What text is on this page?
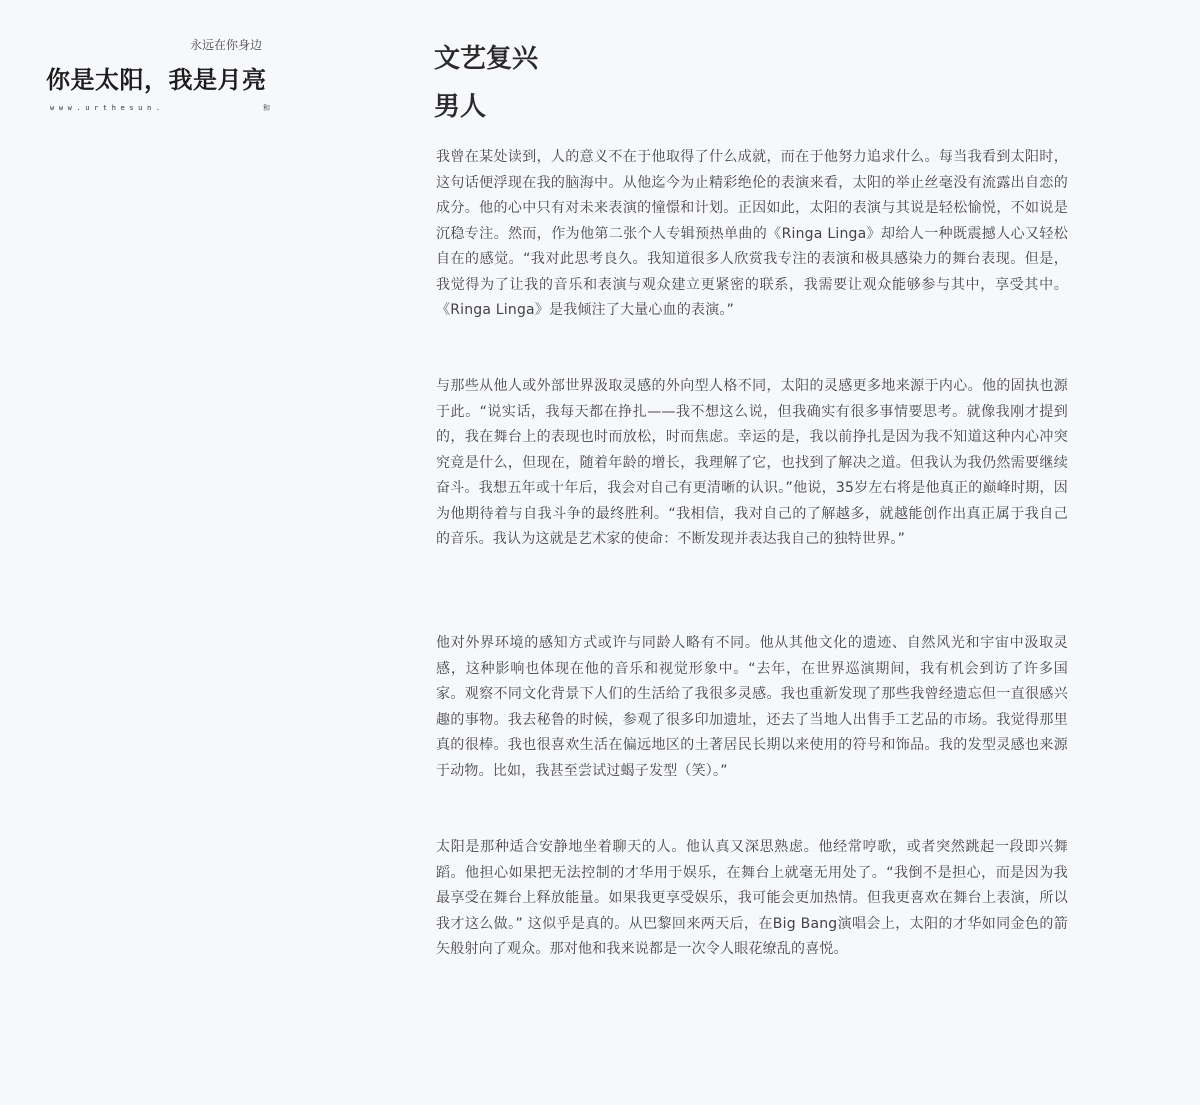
永远在你身边
你是太阳，我是月亮
www.urthesun.	和
文艺复兴
男人

我曾在某处读到，人的意义不在于他取得了什么成就，而在于他努力追求什么。每当我看到太阳时，这句话便浮现在我的脑海中。从他迄今为止精彩绝伦的表演来看，太阳的举止丝毫没有流露出自恋的成分。他的心中只有对未来表演的憧憬和计划。正因如此，太阳的表演与其说是轻松愉悦，不如说是沉稳专注。然而，作为他第二张个人专辑预热单曲的《Ringa Linga》却给人一种既震撼人心又轻松自在的感觉。“我对此思考良久。我知道很多人欣赏我专注的表演和极具感染力的舞台表现。但是，我觉得为了让我的音乐和表演与观众建立更紧密的联系，我需要让观众能够参与其中，享受其中。《Ringa Linga》是我倾注了大量心血的表演。”

与那些从他人或外部世界汲取灵感的外向型人格不同，太阳的灵感更多地来源于内心。他的固执也源于此。“说实话，我每天都在挣扎——我不想这么说，但我确实有很多事情要思考。就像我刚才提到的，我在舞台上的表现也时而放松，时而焦虑。幸运的是，我以前挣扎是因为我不知道这种内心冲突究竟是什么，但现在，随着年龄的增长，我理解了它，也找到了解决之道。但我认为我仍然需要继续奋斗。我想五年或十年后，我会对自己有更清晰的认识。”他说，35岁左右将是他真正的巅峰时期，因为他期待着与自我斗争的最终胜利。“我相信，我对自己的了解越多，就越能创作出真正属于我自己的音乐。我认为这就是艺术家的使命：不断发现并表达我自己的独特世界。”

他对外界环境的感知方式或许与同龄人略有不同。他从其他文化的遗迹、自然风光和宇宙中汲取灵感，这种影响也体现在他的音乐和视觉形象中。“去年，在世界巡演期间，我有机会到访了许多国家。观察不同文化背景下人们的生活给了我很多灵感。我也重新发现了那些我曾经遗忘但一直很感兴趣的事物。我去秘鲁的时候，参观了很多印加遗址，还去了当地人出售手工艺品的市场。我觉得那里真的很棒。我也很喜欢生活在偏远地区的土著居民长期以来使用的符号和饰品。我的发型灵感也来源于动物。比如，我甚至尝试过蝎子发型（笑）。”

太阳是那种适合安静地坐着聊天的人。他认真又深思熟虑。他经常哼歌，或者突然跳起一段即兴舞蹈。他担心如果把无法控制的才华用于娱乐，在舞台上就毫无用处了。“我倒不是担心，而是因为我最享受在舞台上释放能量。如果我更享受娱乐，我可能会更加热情。但我更喜欢在舞台上表演，所以我才这么做。” 这似乎是真的。从巴黎回来两天后，在Big Bang演唱会上，太阳的才华如同金色的箭矢般射向了观众。那对他和我来说都是一次令人眼花缭乱的喜悦。
